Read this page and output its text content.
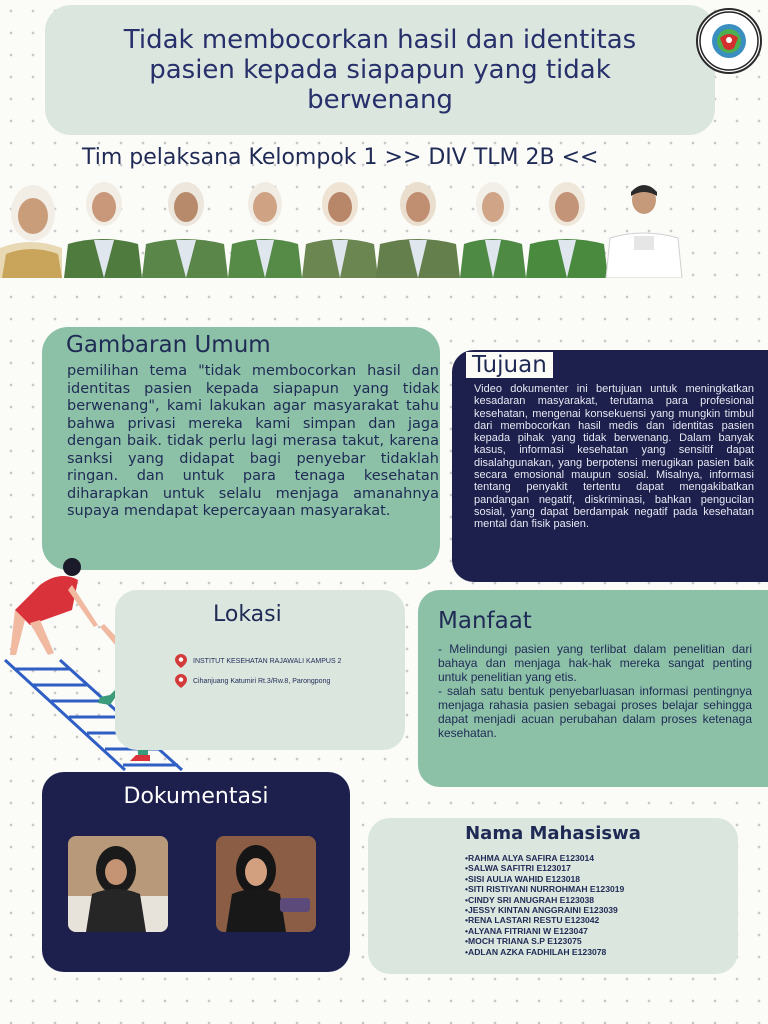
Tidak membocorkan hasil dan identitas pasien kepada siapapun yang tidak berwenang
Tim pelaksana Kelompok 1 >> DIV TLM 2B <<
Gambaran Umum

pemilihan tema "tidak membocorkan hasil dan identitas pasien kepada siapapun yang tidak berwenang", kami lakukan agar masyarakat tahu bahwa privasi mereka kami simpan dan jaga dengan baik. tidak perlu lagi merasa takut, karena sanksi yang didapat bagi penyebar tidaklah ringan. dan untuk para tenaga kesehatan diharapkan untuk selalu menjaga amanahnya supaya mendapat kepercayaan masyarakat.

Video dokumenter ini bertujuan untuk meningkatkan kesadaran masyarakat, terutama para profesional kesehatan, mengenai konsekuensi yang mungkin timbul dari membocorkan hasil medis dan identitas pasien kepada pihak yang tidak berwenang. Dalam banyak kasus, informasi kesehatan yang sensitif dapat disalahgunakan, yang berpotensi merugikan pasien baik secara emosional maupun sosial. Misalnya, informasi tentang penyakit tertentu dapat mengakibatkan pandangan negatif, diskriminasi, bahkan pengucilan sosial, yang dapat berdampak negatif pada kesehatan mental dan fisik pasien.

Tujuan
Lokasi
INSTITUT KESEHATAN RAJAWALI KAMPUS 2
Cihanjuang Katumiri Rt.3/Rw.8, Parongpong
Manfaat

- Melindungi pasien yang terlibat dalam penelitian dari bahaya dan menjaga hak-hak mereka sangat penting untuk penelitian yang etis.
- salah satu bentuk penyebarluasan informasi pentingnya menjaga rahasia pasien sebagai proses belajar sehingga dapat menjadi acuan perubahan dalam proses ketenaga kesehatan.

Dokumentasi
Nama Mahasiswa
•RAHMA ALYA SAFIRA E123014
•SALWA SAFITRI E123017
•SISI AULIA WAHID E123018
•SITI RISTIYANI NURROHMAH E123019
•CINDY SRI ANUGRAH E123038
•JESSY KINTAN ANGGRAINI E123039
•RENA LASTARI RESTU E123042
•ALYANA FITRIANI W E123047
•MOCH TRIANA S.P E123075
•ADLAN AZKA FADHILAH E123078
